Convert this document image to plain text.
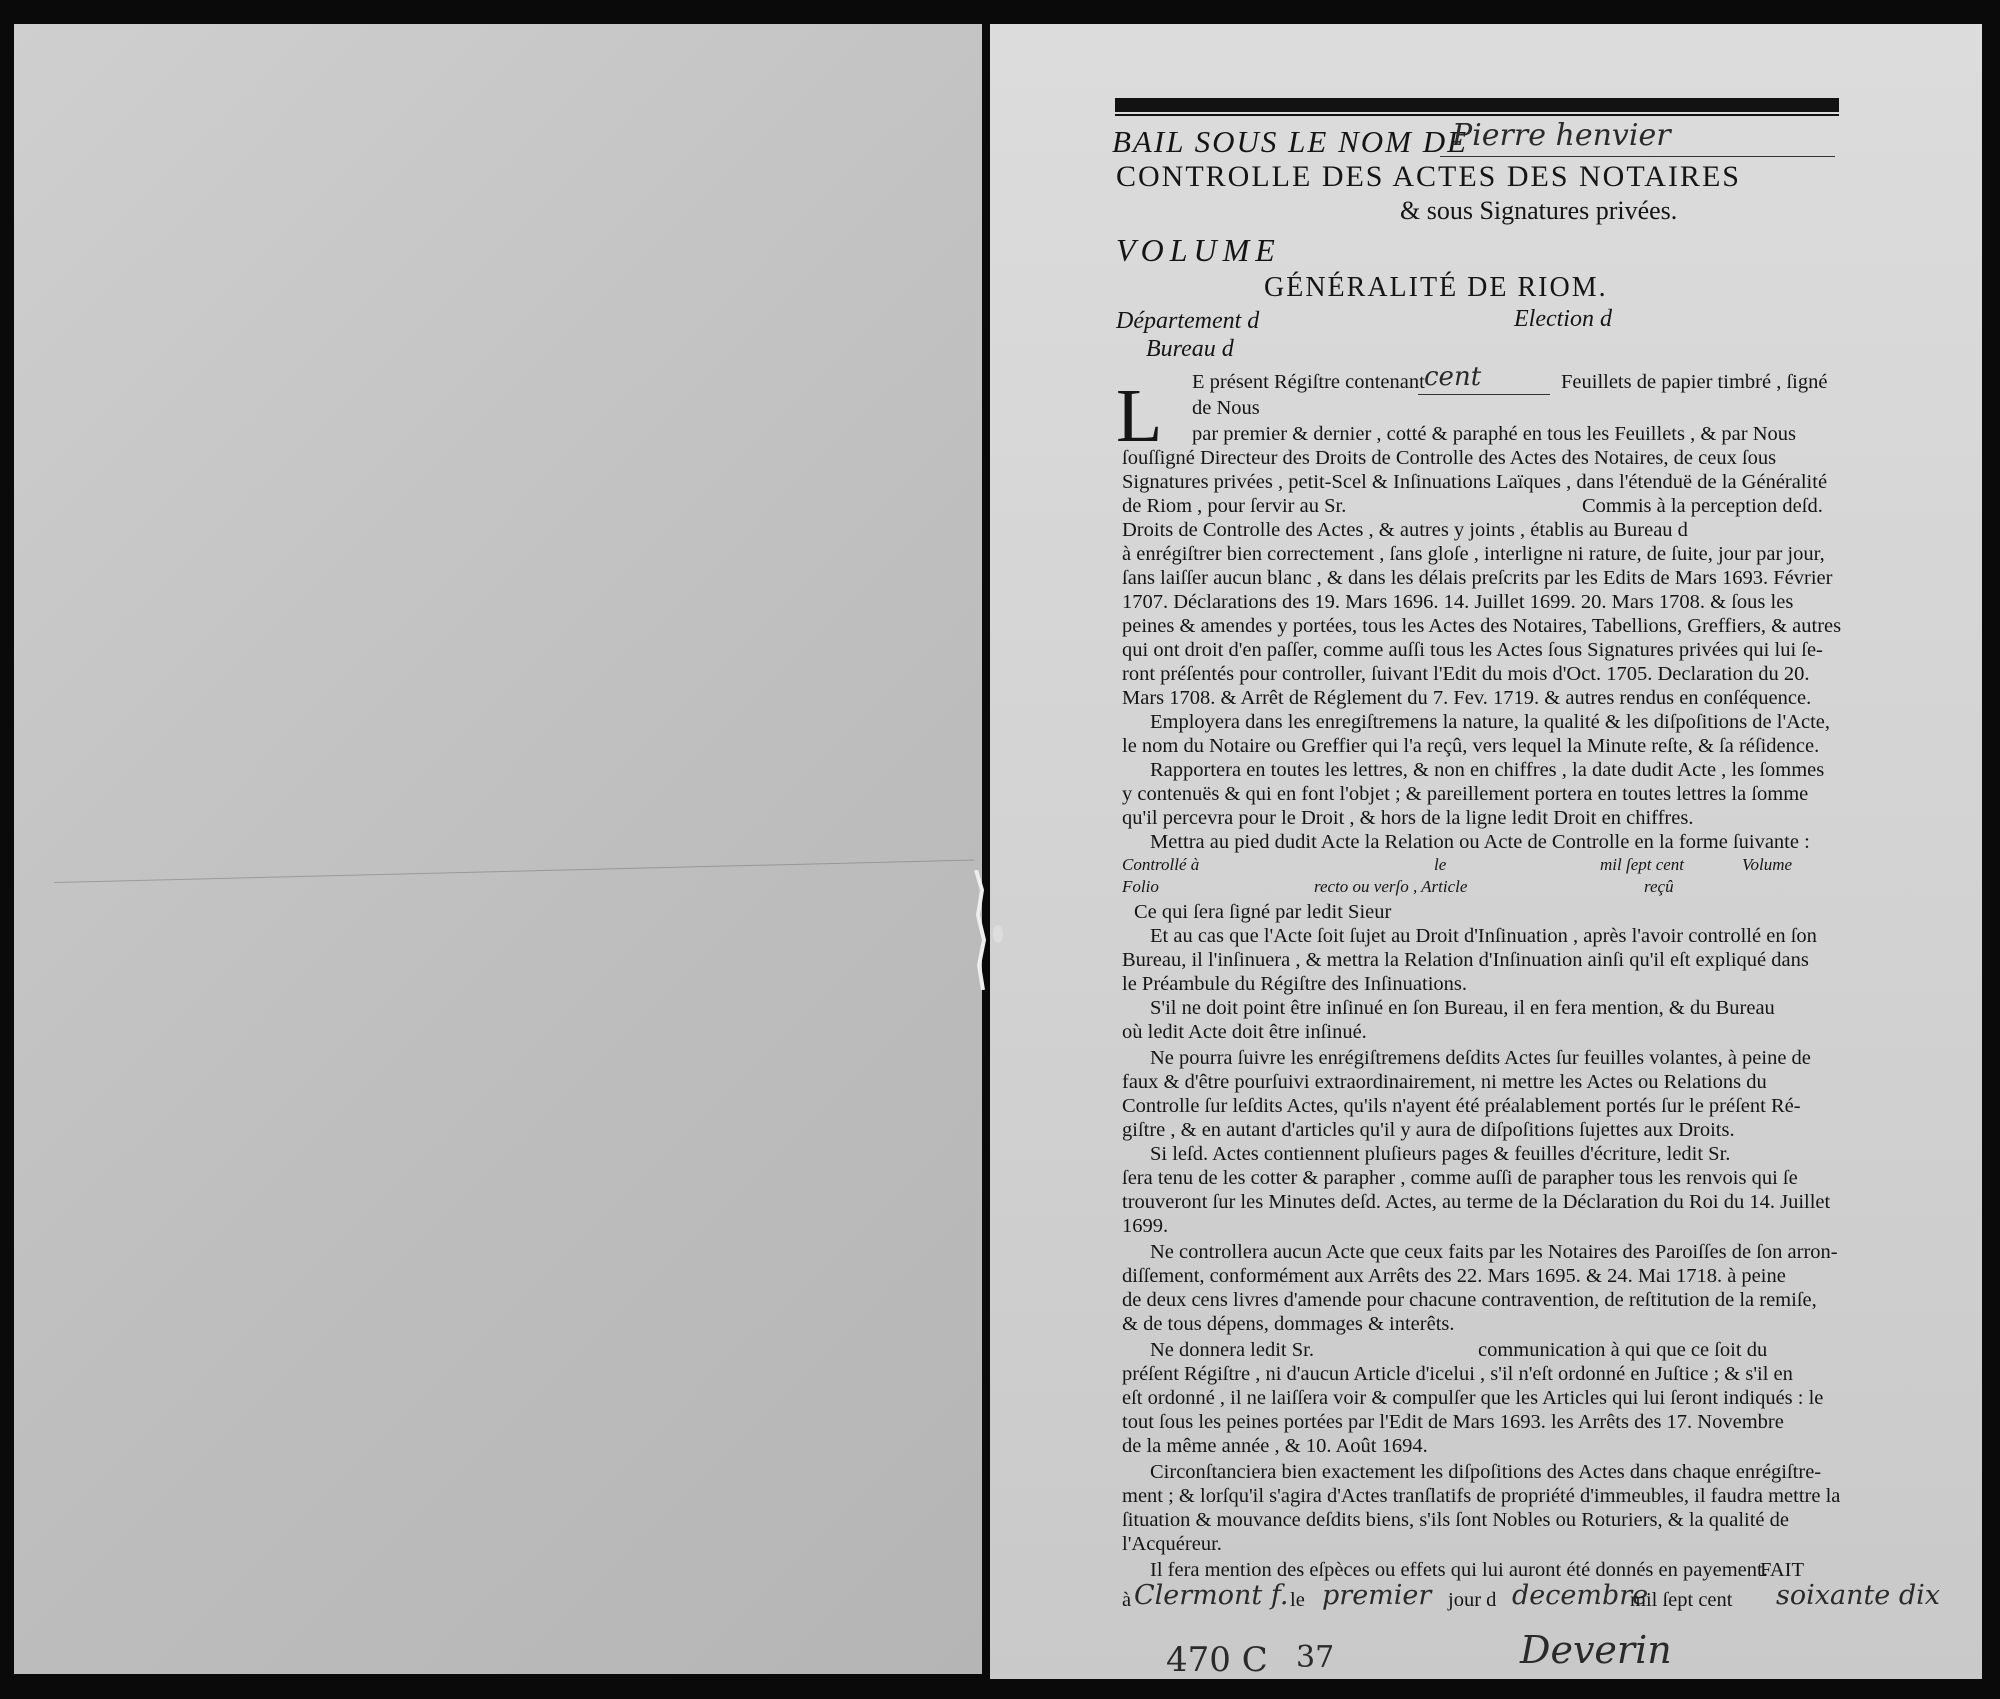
BAIL SOUS LE NOM DE
Pierre henvier
CONTROLLE DES ACTES DES NOTAIRES
& sous Signatures privées.
VOLUME
GÉNÉRALITÉ DE RIOM.
Département d	Election d
Bureau d
L E présent Régiſtre contenant cent	Feuillets de papier timbré , ſigné
de Nous
par premier & dernier , cotté & paraphé en tous les Feuillets , & par Nous
ſouſſigné Directeur des Droits de Controlle des Actes des Notaires, de ceux ſous
Signatures privées , petit-Scel & Inſinuations Laïques , dans l'étenduë de la Généralité
de Riom , pour ſervir au Sr.	Commis à la perception deſd.
Droits de Controlle des Actes , & autres y joints , établis au Bureau d
à enrégiſtrer bien correctement , ſans gloſe , interligne ni rature, de ſuite, jour par jour,
ſans laiſſer aucun blanc , & dans les délais preſcrits par les Edits de Mars 1693. Février
1707. Déclarations des 19. Mars 1696. 14. Juillet 1699. 20. Mars 1708. & ſous les
peines & amendes y portées, tous les Actes des Notaires, Tabellions, Greffiers, & autres
qui ont droit d'en paſſer, comme auſſi tous les Actes ſous Signatures privées qui lui ſe-
ront préſentés pour controller, ſuivant l'Edit du mois d'Oct. 1705. Declaration du 20.
Mars 1708. & Arrêt de Réglement du 7. Fev. 1719. & autres rendus en conſéquence.
Employera dans les enregiſtremens la nature, la qualité & les diſpoſitions de l'Acte,
le nom du Notaire ou Greffier qui l'a reçû, vers lequel la Minute reſte, & ſa réſidence.
Rapportera en toutes les lettres, & non en chiffres , la date dudit Acte , les ſommes
y contenuës & qui en font l'objet ; & pareillement portera en toutes lettres la ſomme
qu'il percevra pour le Droit , & hors de la ligne ledit Droit en chiffres.
Mettra au pied dudit Acte la Relation ou Acte de Controlle en la forme ſuivante :
Controllé à	le	mil ſept cent	Volume
Folio	recto ou verſo , Article	reçû
Ce qui ſera ſigné par ledit Sieur
Et au cas que l'Acte ſoit ſujet au Droit d'Inſinuation , après l'avoir controllé en ſon
Bureau, il l'inſinuera , & mettra la Relation d'Inſinuation ainſi qu'il eſt expliqué dans
le Préambule du Régiſtre des Inſinuations.
S'il ne doit point être inſinué en ſon Bureau, il en fera mention, & du Bureau
où ledit Acte doit être inſinué.
Ne pourra ſuivre les enrégiſtremens deſdits Actes ſur feuilles volantes, à peine de
faux & d'être pourſuivi extraordinairement, ni mettre les Actes ou Relations du
Controlle ſur leſdits Actes, qu'ils n'ayent été préalablement portés ſur le préſent Ré-
giſtre , & en autant d'articles qu'il y aura de diſpoſitions ſujettes aux Droits.
Si leſd. Actes contiennent pluſieurs pages & feuilles d'écriture, ledit Sr.
ſera tenu de les cotter & parapher , comme auſſi de parapher tous les renvois qui ſe
trouveront ſur les Minutes deſd. Actes, au terme de la Déclaration du Roi du 14. Juillet
1699.
Ne controllera aucun Acte que ceux faits par les Notaires des Paroiſſes de ſon arron-
diſſement, conformément aux Arrêts des 22. Mars 1695. & 24. Mai 1718. à peine
de deux cens livres d'amende pour chacune contravention, de reſtitution de la remiſe,
& de tous dépens, dommages & interêts.
Ne donnera ledit Sr.	communication à qui que ce ſoit du
préſent Régiſtre , ni d'aucun Article d'icelui , s'il n'eſt ordonné en Juſtice ; & s'il en
eſt ordonné , il ne laiſſera voir & compulſer que les Articles qui lui ſeront indiqués : le
tout ſous les peines portées par l'Edit de Mars 1693. les Arrêts des 17. Novembre
de la même année , & 10. Août 1694.
Circonſtanciera bien exactement les diſpoſitions des Actes dans chaque enrégiſtre-
ment ; & lorſqu'il s'agira d'Actes tranſlatifs de propriété d'immeubles, il faudra mettre la
ſituation & mouvance deſdits biens, s'ils ſont Nobles ou Roturiers, & la qualité de
l'Acquéreur.
Il fera mention des eſpèces ou effets qui lui auront été donnés en payement.
FAIT
à Clermont f. le premier jour d decembre
mil ſept cent soixante dix
Deverin
470 C 37
